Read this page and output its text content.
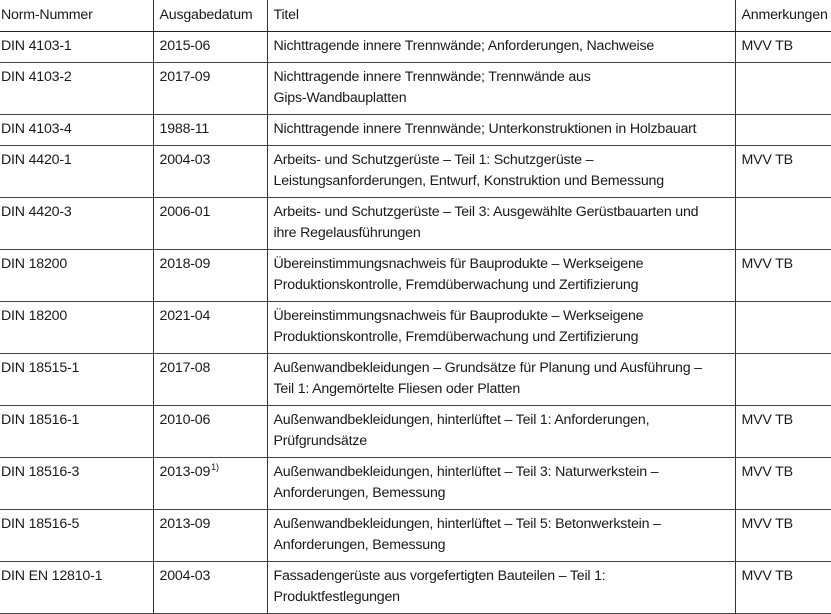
Norm-Nummer	Ausgabedatum	Titel	Anmerkungen
DIN 4103-1	2015-06	Nichttragende innere Trennwände; Anforderungen, Nachweise	MVV TB
DIN 4103-2	2017-09	Nichttragende innere Trennwände; Trennwände aus
Gips-Wandbauplatten	

DIN 4103-4	1988-11	Nichttragende innere Trennwände; Unterkonstruktionen in Holzbauart	

DIN 4420-1	2004-03	Arbeits- und Schutzgerüste – Teil 1: Schutzgerüste –
Leistungsanforderungen, Entwurf, Konstruktion und Bemessung	MVV TB
DIN 4420-3	2006-01	Arbeits- und Schutzgerüste – Teil 3: Ausgewählte Gerüstbauarten und
ihre Regelausführungen	

DIN 18200	2018-09	Übereinstimmungsnachweis für Bauprodukte – Werkseigene
Produktionskontrolle, Fremdüberwachung und Zertifizierung	MVV TB
DIN 18200	2021-04	Übereinstimmungsnachweis für Bauprodukte – Werkseigene
Produktionskontrolle, Fremdüberwachung und Zertifizierung	

DIN 18515-1	2017-08	Außenwandbekleidungen – Grundsätze für Planung und Ausführung –
Teil 1: Angemörtelte Fliesen oder Platten	

DIN 18516-1	2010-06	Außenwandbekleidungen, hinterlüftet – Teil 1: Anforderungen,
Prüfgrundsätze	MVV TB
DIN 18516-3	2013-09$^{1)}$	Außenwandbekleidungen, hinterlüftet – Teil 3: Naturwerkstein –
Anforderungen, Bemessung	MVV TB
DIN 18516-5	2013-09	Außenwandbekleidungen, hinterlüftet – Teil 5: Betonwerkstein –
Anforderungen, Bemessung	MVV TB
DIN EN 12810-1	2004-03	Fassadengerüste aus vorgefertigten Bauteilen – Teil 1:
Produktfestlegungen	MVV TB
